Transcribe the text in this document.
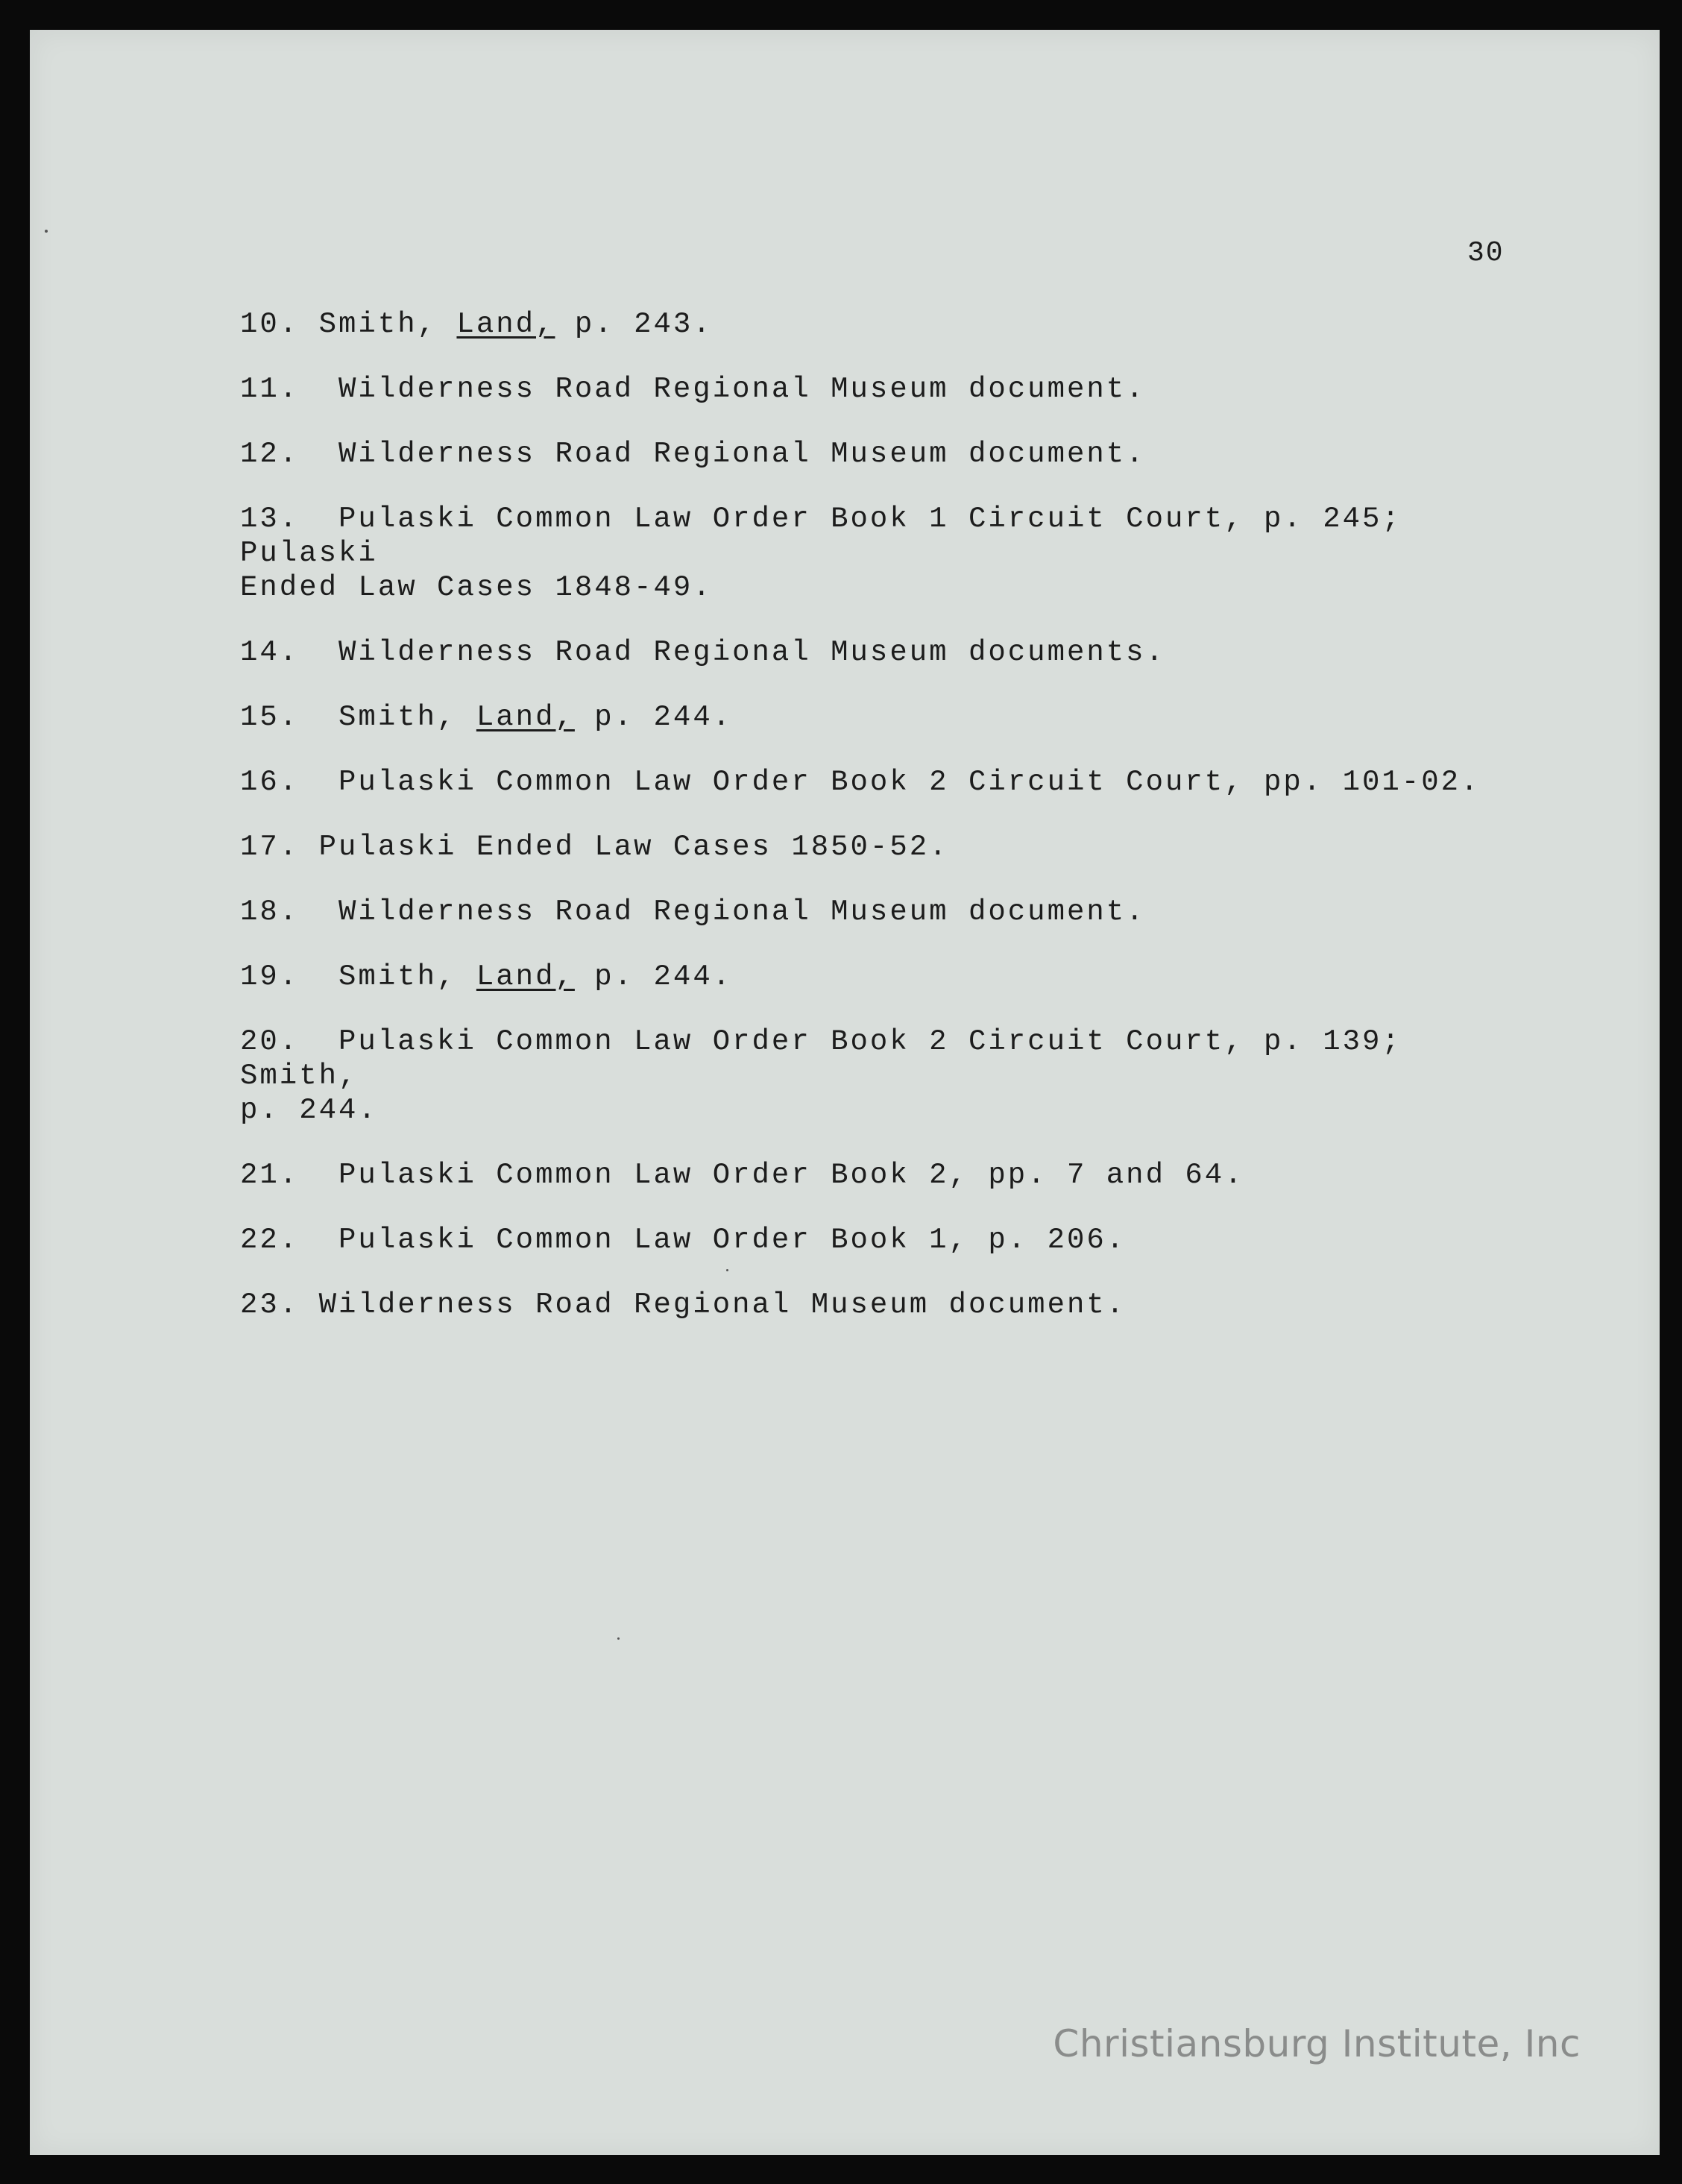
30
10. Smith, Land, p. 243.
11.  Wilderness Road Regional Museum document.
12.  Wilderness Road Regional Museum document.
13.  Pulaski Common Law Order Book 1 Circuit Court, p. 245; Pulaski
Ended Law Cases 1848-49.
14.  Wilderness Road Regional Museum documents.
15.  Smith, Land, p. 244.
16.  Pulaski Common Law Order Book 2 Circuit Court, pp. 101-02.
17. Pulaski Ended Law Cases 1850-52.
18.  Wilderness Road Regional Museum document.
19.  Smith, Land, p. 244.
20.  Pulaski Common Law Order Book 2 Circuit Court, p. 139; Smith,
p. 244.
21.  Pulaski Common Law Order Book 2, pp. 7 and 64.
22.  Pulaski Common Law Order Book 1, p. 206.
23. Wilderness Road Regional Museum document.
Christiansburg Institute, Inc
